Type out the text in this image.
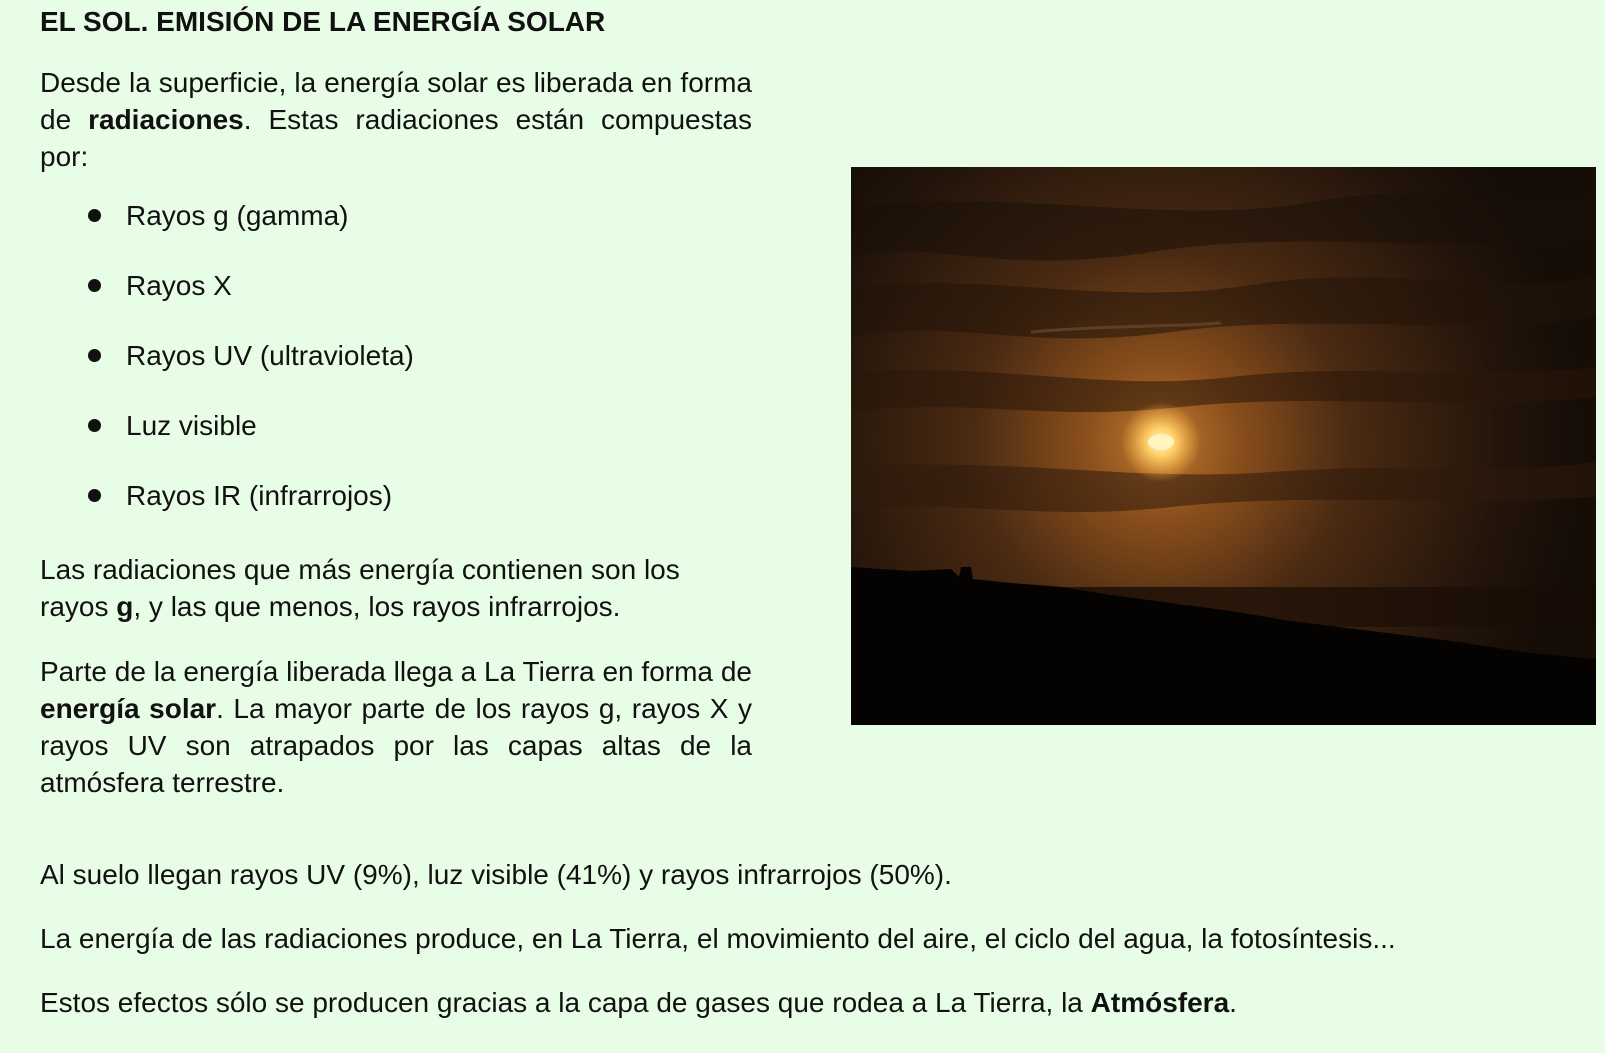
EL SOL. EMISIÓN DE LA ENERGÍA SOLAR

Desde la superficie, la energía solar es liberada en forma de radiaciones. Estas radiaciones están compuestas por:

Rayos g (gamma)
Rayos X
Rayos UV (ultravioleta)
Luz visible
Rayos IR (infrarrojos)

Las radiaciones que más energía contienen son los rayos g, y las que menos, los rayos infrarrojos.

Parte de la energía liberada llega a La Tierra en forma de energía solar. La mayor parte de los rayos g, rayos X y rayos UV son atrapados por las capas altas de la atmósfera terrestre.

Al suelo llegan rayos UV (9%), luz visible (41%) y rayos infrarrojos (50%).

La energía de las radiaciones produce, en La Tierra, el movimiento del aire, el ciclo del agua, la fotosíntesis...

Estos efectos sólo se producen gracias a la capa de gases que rodea a La Tierra, la Atmósfera.
